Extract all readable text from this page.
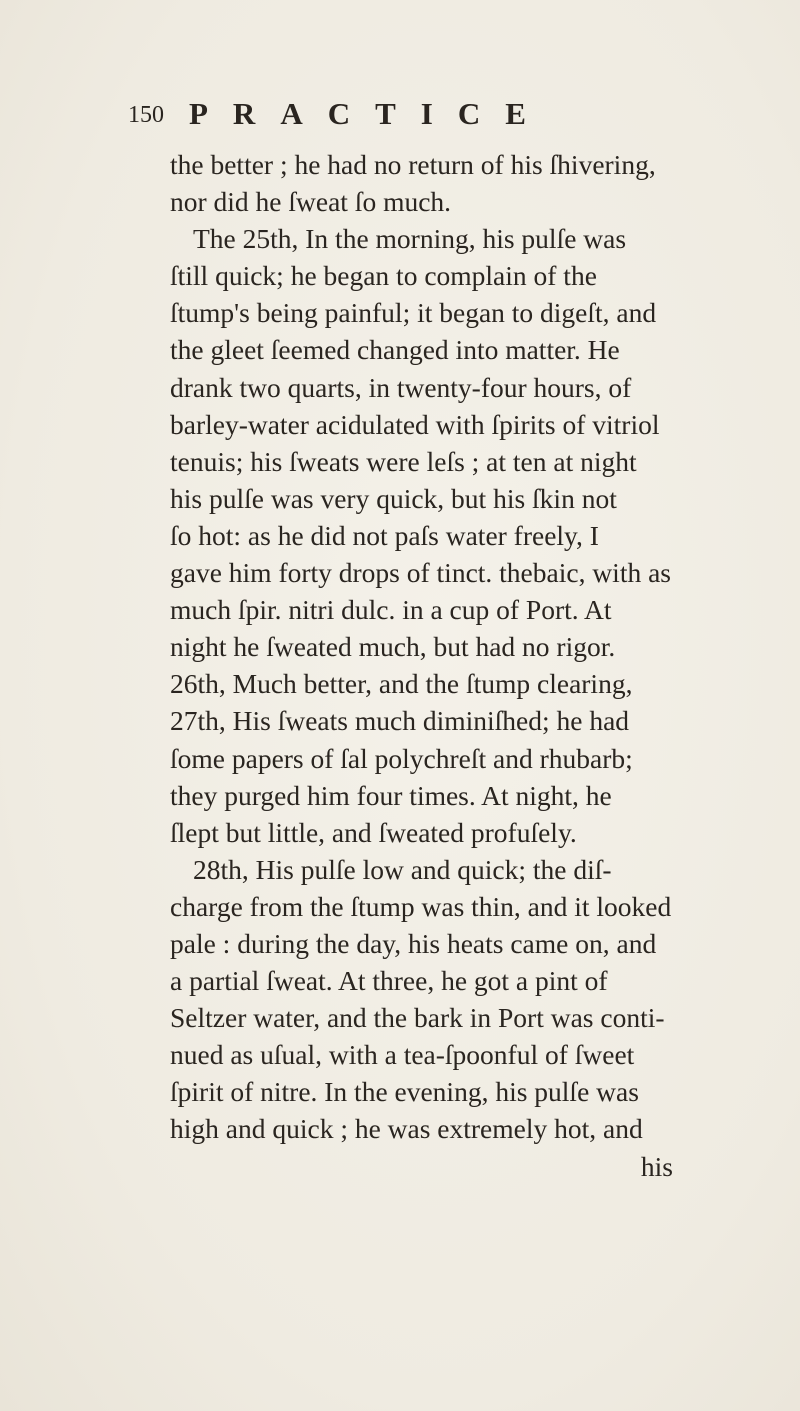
150 PRACTICE
the better ; he had no return of his ſhivering,
nor did he ſweat ſo much.
The 25th, In the morning, his pulſe was
ſtill quick; he began to complain of the
ſtump's being painful; it began to digeſt, and
the gleet ſeemed changed into matter. He
drank two quarts, in twenty-four hours, of
barley-water acidulated with ſpirits of vitriol
tenuis; his ſweats were leſs ; at ten at night
his pulſe was very quick, but his ſkin not
ſo hot: as he did not paſs water freely, I
gave him forty drops of tinct. thebaic, with as
much ſpir. nitri dulc. in a cup of Port. At
night he ſweated much, but had no rigor.
26th, Much better, and the ſtump clearing,
27th, His ſweats much diminiſhed; he had
ſome papers of ſal polychreſt and rhubarb;
they purged him four times. At night, he
ſlept but little, and ſweated profuſely.
28th, His pulſe low and quick; the diſ-
charge from the ſtump was thin, and it looked
pale : during the day, his heats came on, and
a partial ſweat. At three, he got a pint of
Seltzer water, and the bark in Port was conti-
nued as uſual, with a tea-ſpoonful of ſweet
ſpirit of nitre. In the evening, his pulſe was
high and quick ; he was extremely hot, and
his
